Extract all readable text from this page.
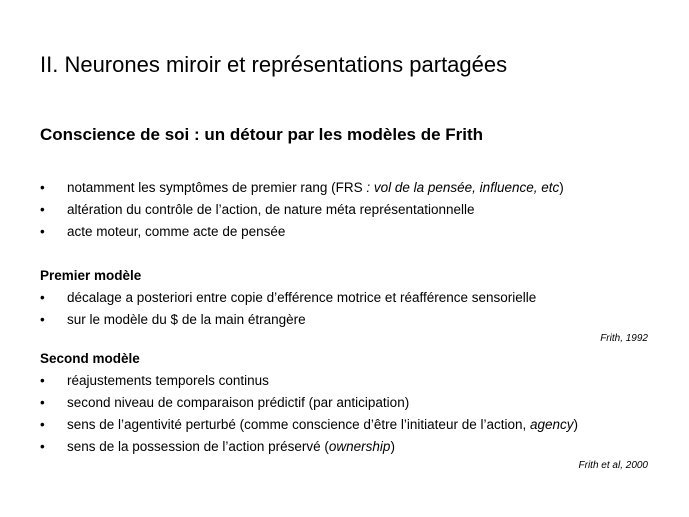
II. Neurones miroir et représentations partagées
Conscience de soi : un détour par les modèles de Frith
•	notamment les symptômes de premier rang (FRS : vol de la pensée, influence, etc)
•	altération du contrôle de l’action, de nature méta représentationnelle
•	acte moteur, comme acte de pensée
Premier modèle
•	décalage a posteriori entre copie d’efférence motrice et réafférence sensorielle
•	sur le modèle du $ de la main étrangère
Frith, 1992
Second modèle
•	réajustements temporels continus
•	second niveau de comparaison prédictif (par anticipation)
•	sens de l’agentivité perturbé (comme conscience d’être l’initiateur de l’action, agency)
•	sens de la possession de l’action préservé (ownership)
Frith et al, 2000
